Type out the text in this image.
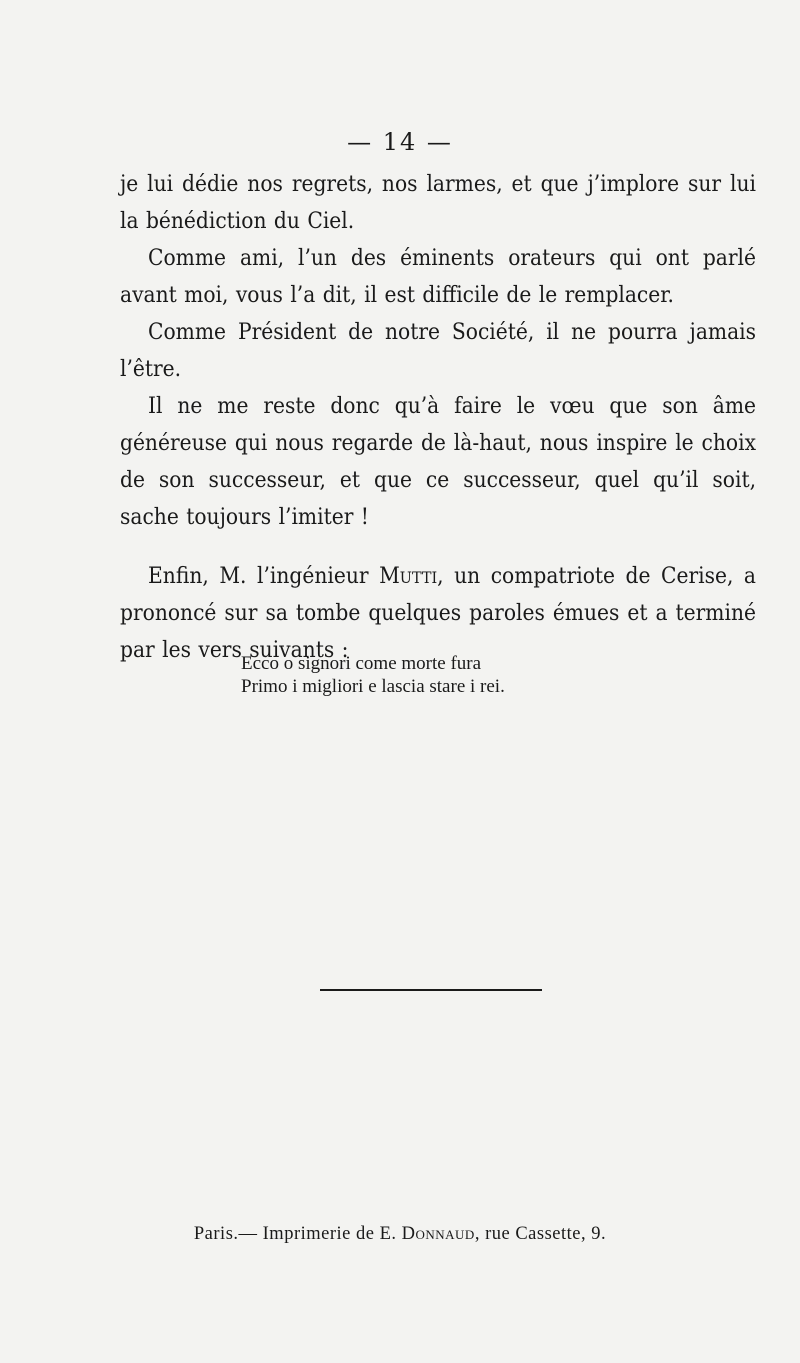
— 14 —

je lui dédie nos regrets, nos larmes, et que j’implore sur lui la bénédiction du Ciel.

Comme ami, l’un des éminents orateurs qui ont parlé avant moi, vous l’a dit, il est difficile de le remplacer.

Comme Président de notre Société, il ne pourra jamais l’être.

Il ne me reste donc qu’à faire le vœu que son âme généreuse qui nous regarde de là-haut, nous inspire le choix de son successeur, et que ce successeur, quel qu’il soit, sache toujours l’imiter !

Enfin, M. l’ingénieur Mutti, un compatriote de Cerise, a prononcé sur sa tombe quelques paroles émues et a terminé par les vers suivants :

Ecco o signori come morte fura
Primo i migliori e lascia stare i rei.
Paris.— Imprimerie de E. Donnaud, rue Cassette, 9.
